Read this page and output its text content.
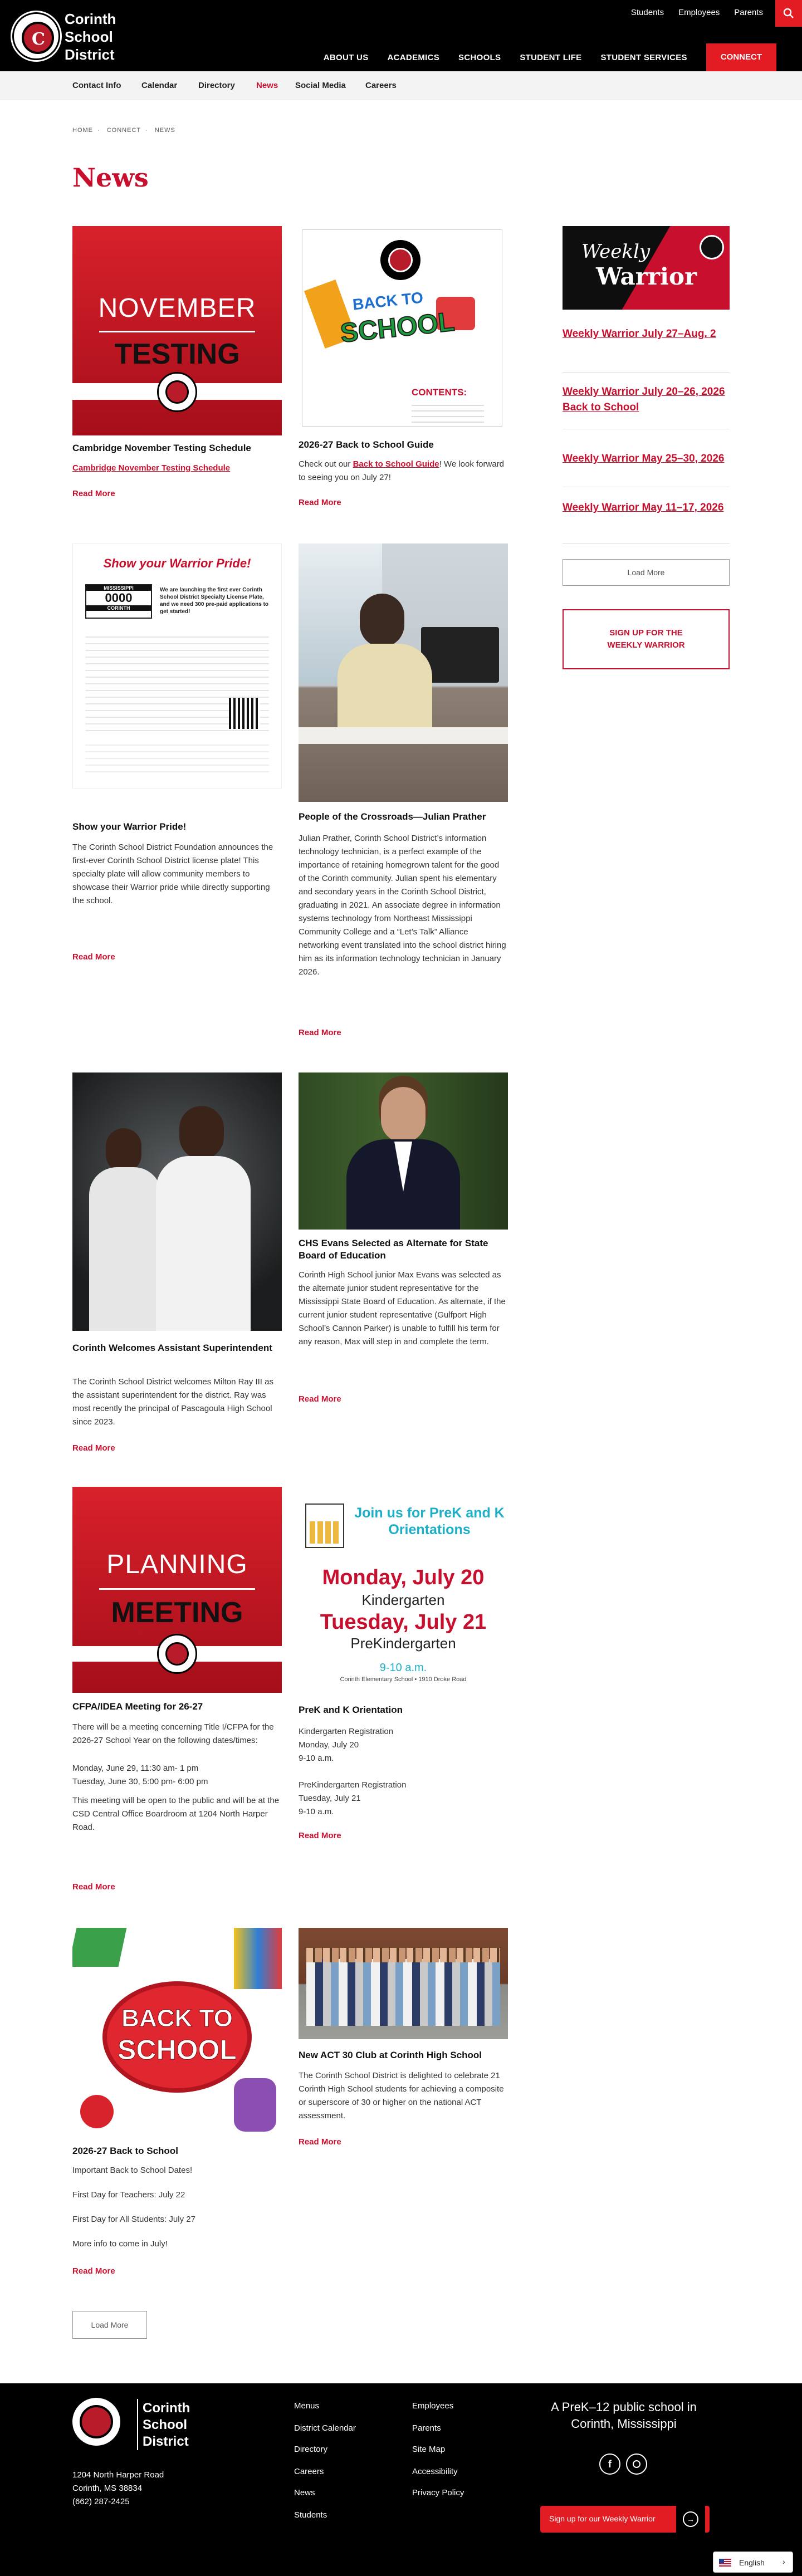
C
Corinth
School
District
Students Employees Parents
ABOUT US ACADEMICS SCHOOLS STUDENT LIFE STUDENT SERVICES	CONNECT
Contact Info Calendar	Directory	News Social Media Careers
HOME · CONNECT · NEWS
News
NOVEMBER
TESTING
Cambridge November Testing Schedule
Cambridge November Testing Schedule
Read More
BACK TO
SCHOOL
CONTENTS:
2026-27 Back to School Guide
Check out our Back to School Guide! We look forward to seeing you on July 27!
Read More
Show your Warrior Pride!
MISSISSIPPI
0000
CORINTH
We are launching the first ever Corinth School District Specialty License Plate, and we need 300 pre-paid applications to get started!
Show your Warrior Pride!
The Corinth School District Foundation announces the first-ever Corinth School District license plate! This specialty plate will allow community members to showcase their Warrior pride while directly supporting the school.
Read More
People of the Crossroads—Julian Prather
Julian Prather, Corinth School District’s information technology technician, is a perfect example of the importance of retaining homegrown talent for the good of the Corinth community. Julian spent his elementary and secondary years in the Corinth School District, graduating in 2021. An associate degree in information systems technology from Northeast Mississippi Community College and a “Let’s Talk” Alliance networking event translated into the school district hiring him as its information technology technician in January 2026.
Read More
Corinth Welcomes Assistant Superintendent
The Corinth School District welcomes Milton Ray III as the assistant superintendent for the district. Ray was most recently the principal of Pascagoula High School since 2023.
Read More
CHS Evans Selected as Alternate for State Board of Education
Corinth High School junior Max Evans was selected as the alternate junior student representative for the Mississippi State Board of Education. As alternate, if the current junior student representative (Gulfport High School’s Cannon Parker) is unable to fulfill his term for any reason, Max will step in and complete the term.
Read More
PLANNING
MEETING
CFPA/IDEA Meeting for 26-27
There will be a meeting concerning Title I/CFPA for the 2026-27 School Year on the following dates/times:
Monday, June 29, 11:30 am- 1 pm
Tuesday, June 30, 5:00 pm- 6:00 pm
This meeting will be open to the public and will be at the CSD Central Office Boardroom at 1204 North Harper Road.
Read More
Join us for PreK and K Orientations
Monday, July 20
Kindergarten
Tuesday, July 21
PreKindergarten
9-10 a.m.
Corinth Elementary School • 1910 Droke Road
PreK and K Orientation
Kindergarten Registration
Monday, July 20
9-10 a.m.
PreKindergarten Registration
Tuesday, July 21
9-10 a.m.
Read More
BACK TO
SCHOOL
2026-27 Back to School
Important Back to School Dates!
First Day for Teachers: July 22
First Day for All Students: July 27
More info to come in July!
Read More
New ACT 30 Club at Corinth High School
The Corinth School District is delighted to celebrate 21 Corinth High School students for achieving a composite or superscore of 30 or higher on the national ACT assessment.
Read More
Load More
Weekly
Warrior
Weekly Warrior July 27–Aug. 2
Weekly Warrior July 20–26, 2026 Back to School
Weekly Warrior May 25–30, 2026
Weekly Warrior May 11–17, 2026
Load More
SIGN UP FOR THE WEEKLY WARRIOR
Corinth
School
District
1204 North Harper Road
Corinth, MS 38834
(662) 287-2425
Menus
District Calendar
Directory
Careers
News
Students
Employees
Parents
Site Map
Accessibility
Privacy Policy
A PreK–12 public school in Corinth, Mississippi
f
Sign up for our Weekly Warrior	→
English ›
